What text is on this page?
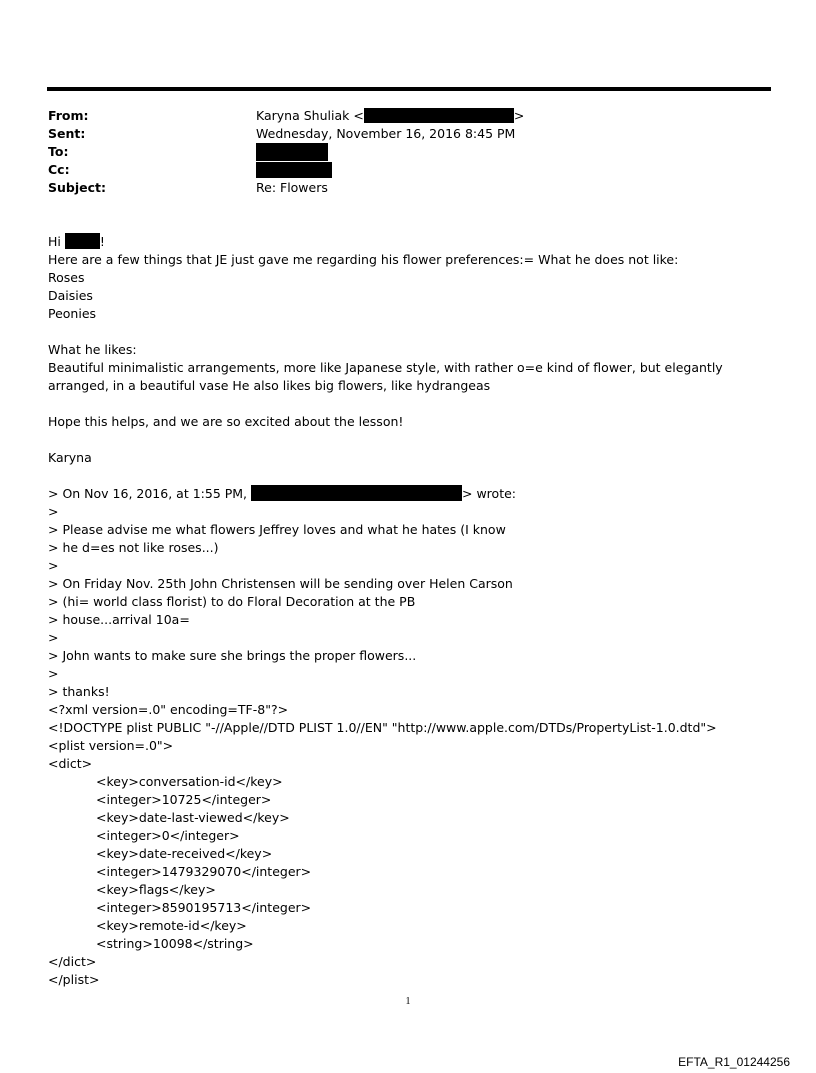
From:	Karyna Shuliak <	>
Sent:	Wednesday, November 16, 2016 8:45 PM
To:
Cc:
Subject:	Re: Flowers
Hi	!
Here are a few things that JE just gave me regarding his flower preferences:= What he does not like:
Roses
Daisies
Peonies
What he likes:
Beautiful minimalistic arrangements, more like Japanese style, with rather o=e kind of flower, but elegantly arranged, in a beautiful vase He also likes big flowers, like hydrangeas
Hope this helps, and we are so excited about the lesson!
Karyna
> On Nov 16, 2016, at 1:55 PM,	> wrote:
>
> Please advise me what flowers Jeffrey loves and what he hates (I know
> he d=es not like roses...)
>
> On Friday Nov. 25th John Christensen will be sending over Helen Carson
> (hi= world class florist) to do Floral Decoration at the PB
> house...arrival 10a=
>
> John wants to make sure she brings the proper flowers...
>
> thanks!
<?xml version=.0" encoding=TF-8"?>
<!DOCTYPE plist PUBLIC "-//Apple//DTD PLIST 1.0//EN" "http://www.apple.com/DTDs/PropertyList-1.0.dtd">
<plist version=.0">
<dict>
<key>conversation-id</key>
<integer>10725</integer>
<key>date-last-viewed</key>
<integer>0</integer>
<key>date-received</key>
<integer>1479329070</integer>
<key>flags</key>
<integer>8590195713</integer>
<key>remote-id</key>
<string>10098</string>
</dict>
</plist>
1
EFTA_R1_01244256
